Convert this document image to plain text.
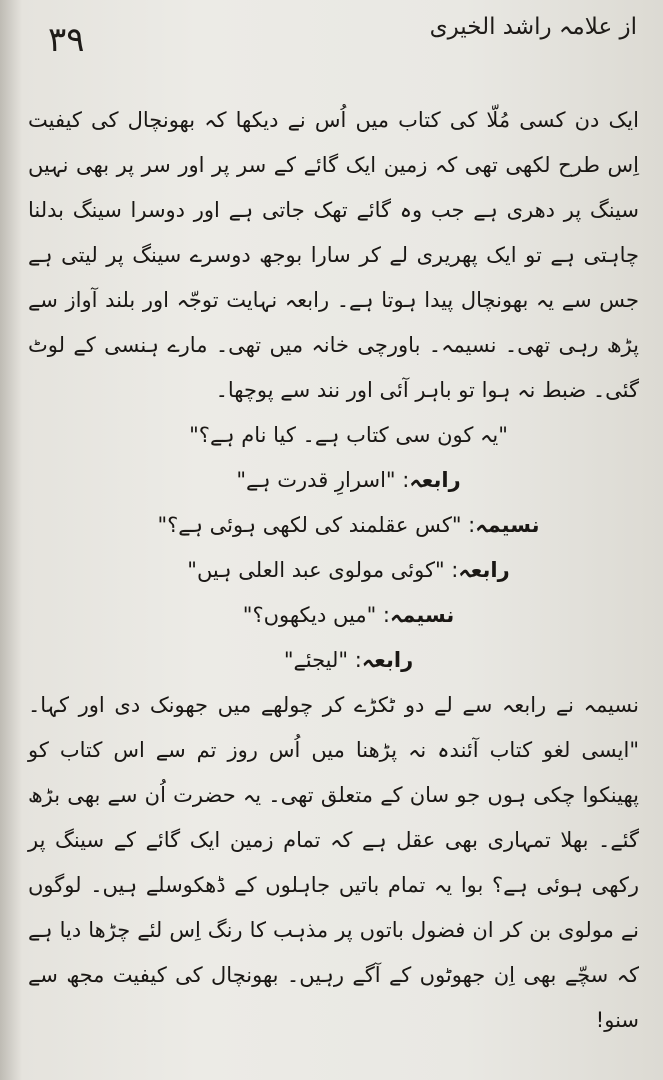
۳۹	از علامہ راشد الخیری

ایک دن کسی مُلّا کی کتاب میں اُس نے دیکھا کہ بھونچال کی کیفیت اِس طرح لکھی تھی کہ زمین ایک گائے کے سر پر اور سر پر بھی نہیں سینگ پر دھری ہے جب وہ گائے تھک جاتی ہے اور دوسرا سینگ بدلنا چاہتی ہے تو ایک پھریری لے کر سارا بوجھ دوسرے سینگ پر لیتی ہے جس سے یہ بھونچال پیدا ہوتا ہے۔ رابعہ نہایت توجّہ اور بلند آواز سے پڑھ رہی تھی۔ نسیمہ۔ باورچی خانہ میں تھی۔ مارے ہنسی کے لوٹ گئی۔ ضبط نہ ہوا تو باہر آئی اور نند سے پوچھا۔

"یہ کون سی کتاب ہے۔ کیا نام ہے؟"
رابعہ: "اسرارِ قدرت ہے"
نسیمہ: "کس عقلمند کی لکھی ہوئی ہے؟"
رابعہ: "کوئی مولوی عبد العلی ہیں"
نسیمہ: "میں دیکھوں؟"
رابعہ: "لیجئے"

نسیمہ نے رابعہ سے لے دو ٹکڑے کر چولھے میں جھونک دی اور کہا۔ "ایسی لغو کتاب آئندہ نہ پڑھنا میں اُس روز تم سے اس کتاب کو پھینکوا چکی ہوں جو سان کے متعلق تھی۔ یہ حضرت اُن سے بھی بڑھ گئے۔ بھلا تمہاری بھی عقل ہے کہ تمام زمین ایک گائے کے سینگ پر رکھی ہوئی ہے؟ بوا یہ تمام باتیں جاہلوں کے ڈھکوسلے ہیں۔ لوگوں نے مولوی بن کر ان فضول باتوں پر مذہب کا رنگ اِس لئے چڑھا دیا ہے کہ سچّے بھی اِن جھوٹوں کے آگے رہیں۔ بھونچال کی کیفیت مجھ سے سنو!
